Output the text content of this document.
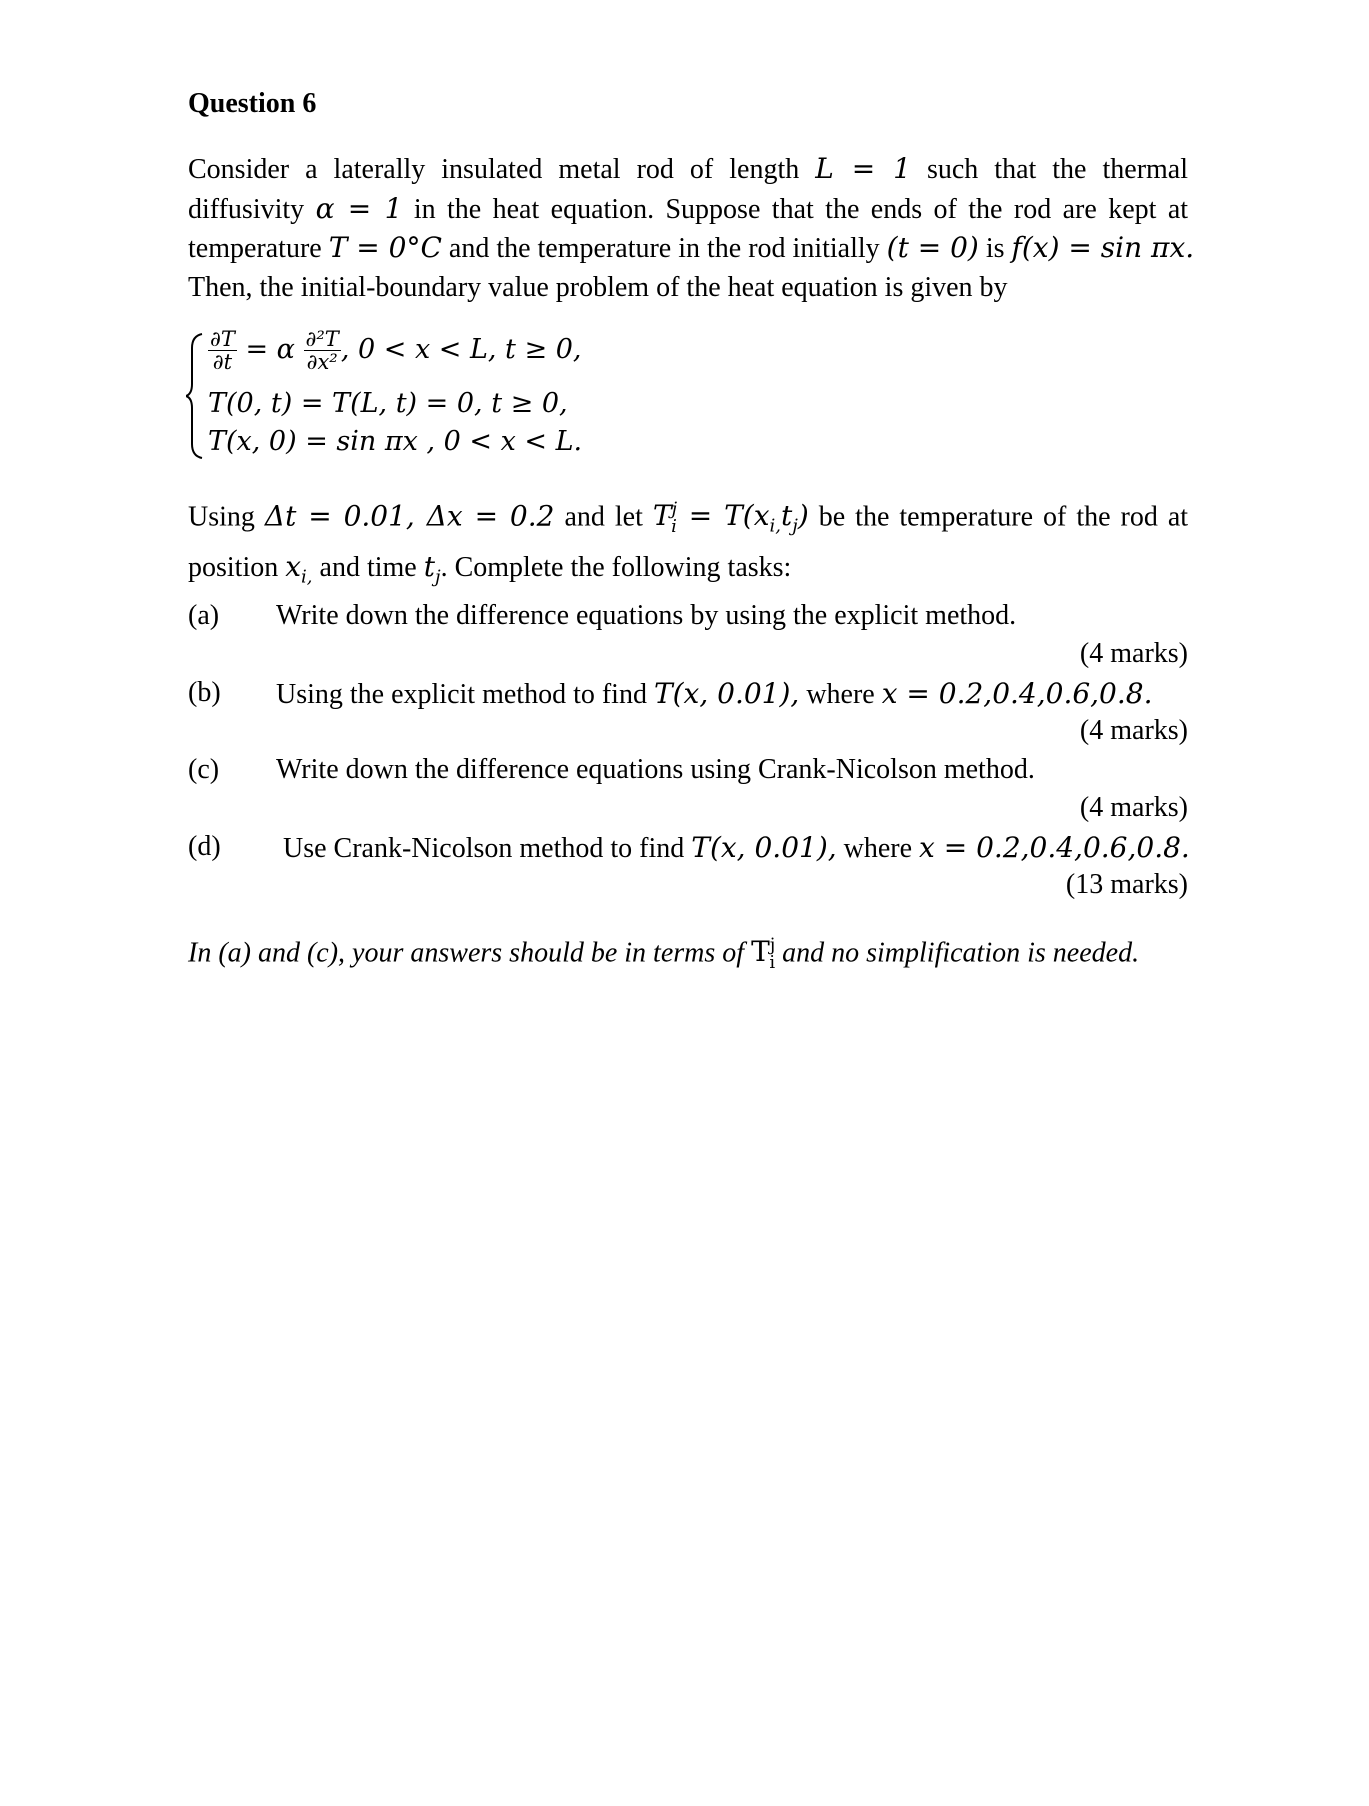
Question 6
Consider a laterally insulated metal rod of length L = 1 such that the thermal
diffusivity α = 1 in the heat equation. Suppose that the ends of the rod are kept at
temperature T = 0°C and the temperature in the rod initially (t = 0) is f(x) = sin πx.
Then, the initial-boundary value problem of the heat equation is given by
$\frac{\partial T}{\partial t} = \alpha \frac{\text{∂²T}}{\text{∂x²}}$ , 0 < x < L, t ≥ 0,
T(0, t) = T(L, t) = 0, t ≥ 0,
T(x, 0) = sin πx , 0 < x < L.
Using Δt = 0.01, Δx = 0.2 and let $T^j_i = T(x_{i,}t_j)$ be the temperature of the rod at
position $x_{i,}$ and time $t_j$. Complete the following tasks:
(a) Write down the difference equations by using the explicit method.
(4 marks)
(b) Using the explicit method to find T(x, 0.01), where x = 0.2,0.4,0.6,0.8.
(4 marks)
(c) Write down the difference equations using Crank-Nicolson method.
(4 marks)
(d) Use Crank-Nicolson method to find T(x, 0.01), where x = 0.2,0.4,0.6,0.8.
(13 marks)
In (a) and (c), your answers should be in terms of $T^j_i$ and no simplification is needed.
